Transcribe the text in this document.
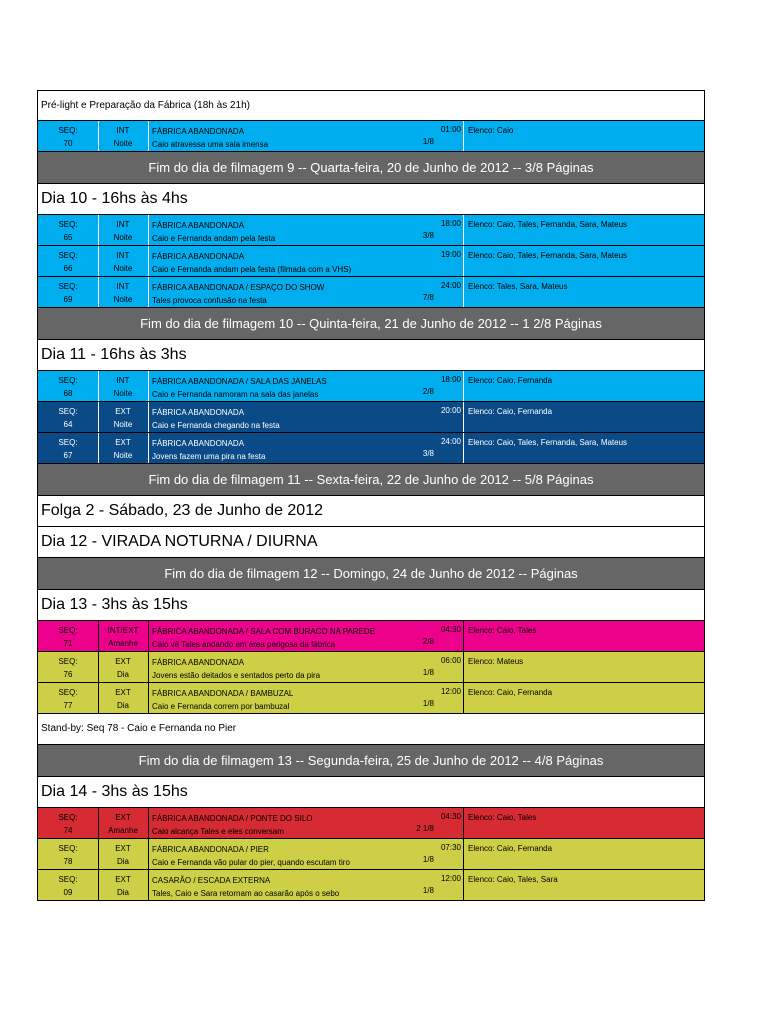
Pré-light e Preparação da Fábrica (18h às 21h)
SEQ:
70
INT
Noite
FÁBRICA ABANDONADA
Caio atravessa uma sala imensa
01:00
1/8
Elenco: Caio
Fim do dia de filmagem 9 -- Quarta-feira, 20 de Junho de 2012 -- 3/8 Páginas
Dia 10 - 16hs às 4hs
SEQ:
65
INT
Noite
FÁBRICA ABANDONADA
Caio e Fernanda andam pela festa
18:00
3/8
Elenco: Caio, Tales, Fernanda, Sara, Mateus
SEQ:
66
INT
Noite
FÁBRICA ABANDONADA
Caio e Fernanda andam pela festa (filmada com a VHS)
19:00 Elenco: Caio, Tales, Fernanda, Sara, Mateus
SEQ:
69
INT
Noite
FÁBRICA ABANDONADA / ESPAÇO DO SHOW
Tales provoca confusão na festa
24:00
7/8
Elenco: Tales, Sara, Mateus
Fim do dia de filmagem 10 -- Quinta-feira, 21 de Junho de 2012 -- 1 2/8 Páginas
Dia 11 - 16hs às 3hs
SEQ:
68
INT
Noite
FÁBRICA ABANDONADA / SALA DAS JANELAS
Caio e Fernanda namoram na sala das janelas
18:00
2/8
Elenco: Caio, Fernanda
SEQ:
64
EXT
Noite
FÁBRICA ABANDONADA
Caio e Fernanda chegando na festa
20:00 Elenco: Caio, Fernanda
SEQ:
67
EXT
Noite
FÁBRICA ABANDONADA
Jovens fazem uma pira na festa
24:00
3/8
Elenco: Caio, Tales, Fernanda, Sara, Mateus
Fim do dia de filmagem 11 -- Sexta-feira, 22 de Junho de 2012 -- 5/8 Páginas
Folga 2 - Sábado, 23 de Junho de 2012
Dia 12 - VIRADA NOTURNA / DIURNA
Fim do dia de filmagem 12 -- Domingo, 24 de Junho de 2012 -- Páginas
Dia 13 - 3hs às 15hs
SEQ:
71
INT/EXT
Amanhe
FÁBRICA ABANDONADA / SALA COM BURACO NA PAREDE
Caio vê Tales andando em área perigosa da fábrica
04:30
2/8
Elenco: Caio, Tales
SEQ:
76
EXT
Dia
FÁBRICA ABANDONADA
Jovens estão deitados e sentados perto da pira
06:00
1/8
Elenco: Mateus
SEQ:
77
EXT
Dia
FÁBRICA ABANDONADA / BAMBUZAL
Caio e Fernanda correm por bambuzal
12:00
1/8
Elenco: Caio, Fernanda
Stand-by: Seq 78 - Caio e Fernanda no Pier
Fim do dia de filmagem 13 -- Segunda-feira, 25 de Junho de 2012 -- 4/8 Páginas
Dia 14 - 3hs às 15hs
SEQ:
74
EXT
Amanhe
FÁBRICA ABANDONADA / PONTE DO SILO
Caio alcança Tales e eles conversam
04:30
2 1/8
Elenco: Caio, Tales
SEQ:
78
EXT
Dia
FÁBRICA ABANDONADA / PIER
Caio e Fernanda vão pular do pier, quando escutam tiro
07:30
1/8
Elenco: Caio, Fernanda
SEQ:
09
EXT
Dia
CASARÃO / ESCADA EXTERNA
Tales, Caio e Sara retornam ao casarão após o sebo
12:00
1/8
Elenco: Caio, Tales, Sara
